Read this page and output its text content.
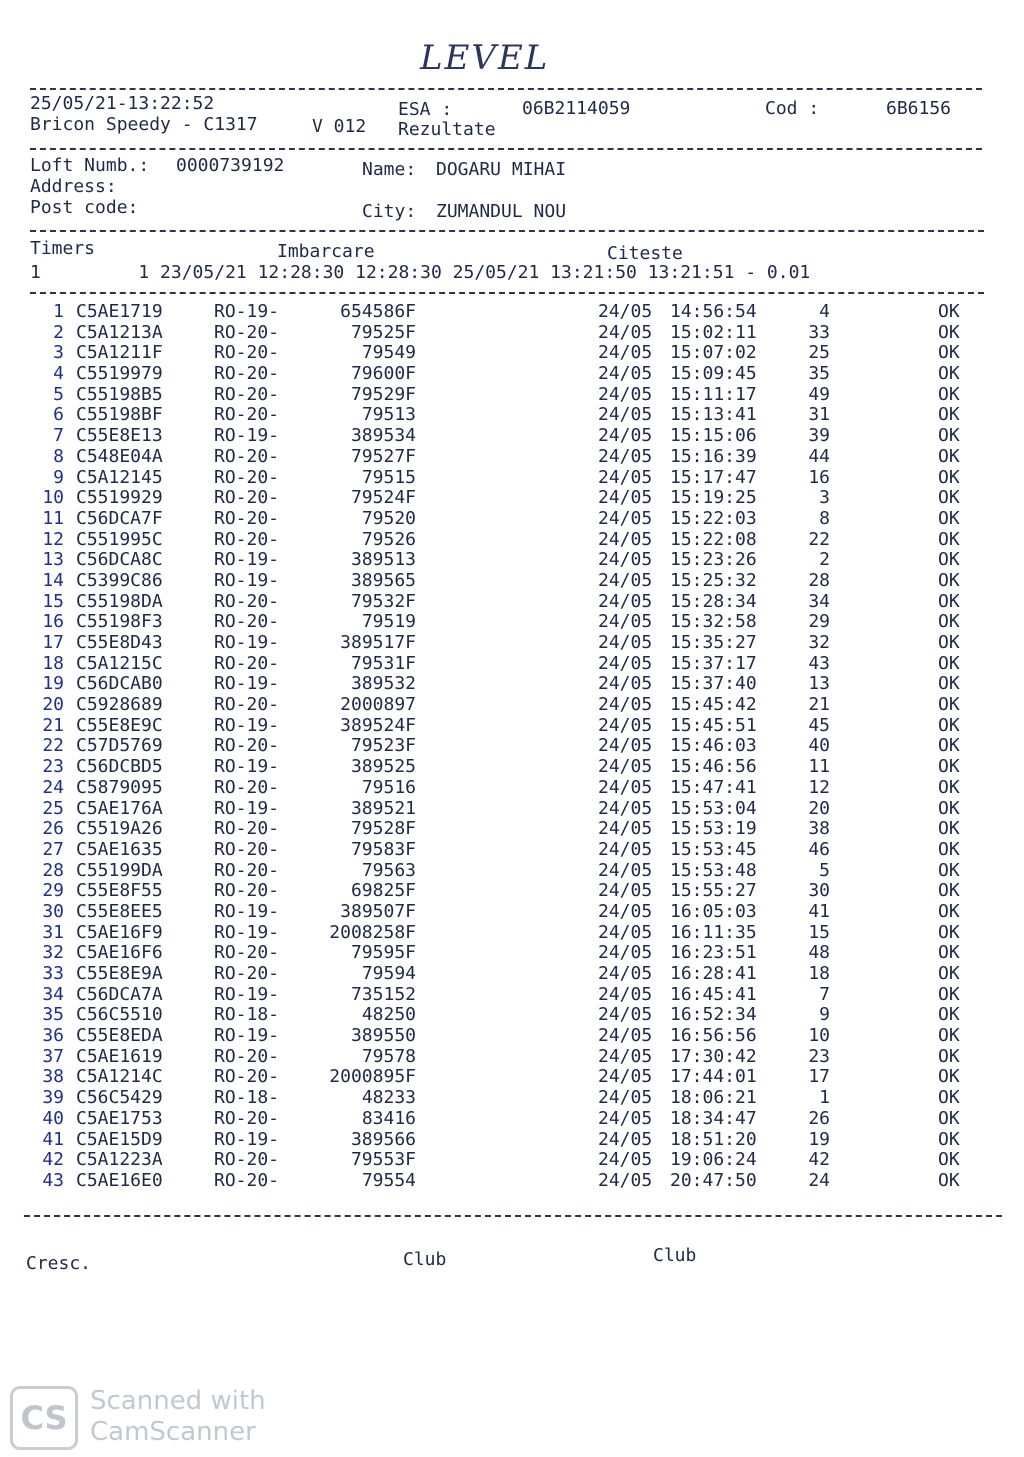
LEVEL
25/05/21-13:22:52
Bricon Speedy - C1317	V 012
ESA :	06B2114059
Rezultate
Cod :	6B6156
Loft Numb.: 0000739192	Name: DOGARU MIHAI
Address:
Post code:	City: ZUMANDUL NOU
Timers	Imbarcare	Citeste
1         1 23/05/21 12:28:30 12:28:30 25/05/21 13:21:50 13:21:51 - 0.01
1 C5AE1719	RO-19-	654586F	24/05 14:56:54	4	OK
2 C5A1213A	RO-20-	79525F	24/05 15:02:11	33	OK
3 C5A1211F	RO-20-	79549	24/05 15:07:02	25	OK
4 C5519979	RO-20-	79600F	24/05 15:09:45	35	OK
5 C55198B5	RO-20-	79529F	24/05 15:11:17	49	OK
6 C55198BF	RO-20-	79513	24/05 15:13:41	31	OK
7 C55E8E13	RO-19-	389534	24/05 15:15:06	39	OK
8 C548E04A	RO-20-	79527F	24/05 15:16:39	44	OK
9 C5A12145	RO-20-	79515	24/05 15:17:47	16	OK
10 C5519929	RO-20-	79524F	24/05 15:19:25	3	OK
11 C56DCA7F	RO-20-	79520	24/05 15:22:03	8	OK
12 C551995C	RO-20-	79526	24/05 15:22:08	22	OK
13 C56DCA8C	RO-19-	389513	24/05 15:23:26	2	OK
14 C5399C86	RO-19-	389565	24/05 15:25:32	28	OK
15 C55198DA	RO-20-	79532F	24/05 15:28:34	34	OK
16 C55198F3	RO-20-	79519	24/05 15:32:58	29	OK
17 C55E8D43	RO-19-	389517F	24/05 15:35:27	32	OK
18 C5A1215C	RO-20-	79531F	24/05 15:37:17	43	OK
19 C56DCAB0	RO-19-	389532	24/05 15:37:40	13	OK
20 C5928689	RO-20-	2000897	24/05 15:45:42	21	OK
21 C55E8E9C	RO-19-	389524F	24/05 15:45:51	45	OK
22 C57D5769	RO-20-	79523F	24/05 15:46:03	40	OK
23 C56DCBD5	RO-19-	389525	24/05 15:46:56	11	OK
24 C5879095	RO-20-	79516	24/05 15:47:41	12	OK
25 C5AE176A	RO-19-	389521	24/05 15:53:04	20	OK
26 C5519A26	RO-20-	79528F	24/05 15:53:19	38	OK
27 C5AE1635	RO-20-	79583F	24/05 15:53:45	46	OK
28 C55199DA	RO-20-	79563	24/05 15:53:48	5	OK
29 C55E8F55	RO-20-	69825F	24/05 15:55:27	30	OK
30 C55E8EE5	RO-19-	389507F	24/05 16:05:03	41	OK
31 C5AE16F9	RO-19-	2008258F	24/05 16:11:35	15	OK
32 C5AE16F6	RO-20-	79595F	24/05 16:23:51	48	OK
33 C55E8E9A	RO-20-	79594	24/05 16:28:41	18	OK
34 C56DCA7A	RO-19-	735152	24/05 16:45:41	7	OK
35 C56C5510	RO-18-	48250	24/05 16:52:34	9	OK
36 C55E8EDA	RO-19-	389550	24/05 16:56:56	10	OK
37 C5AE1619	RO-20-	79578	24/05 17:30:42	23	OK
38 C5A1214C	RO-20-	2000895F	24/05 17:44:01	17	OK
39 C56C5429	RO-18-	48233	24/05 18:06:21	1	OK
40 C5AE1753	RO-20-	83416	24/05 18:34:47	26	OK
41 C5AE15D9	RO-19-	389566	24/05 18:51:20	19	OK
42 C5A1223A	RO-20-	79553F	24/05 19:06:24	42	OK
43 C5AE16E0	RO-20-	79554	24/05 20:47:50	24	OK
Cresc.	Club	Club
CS Scanned with
CamScanner
